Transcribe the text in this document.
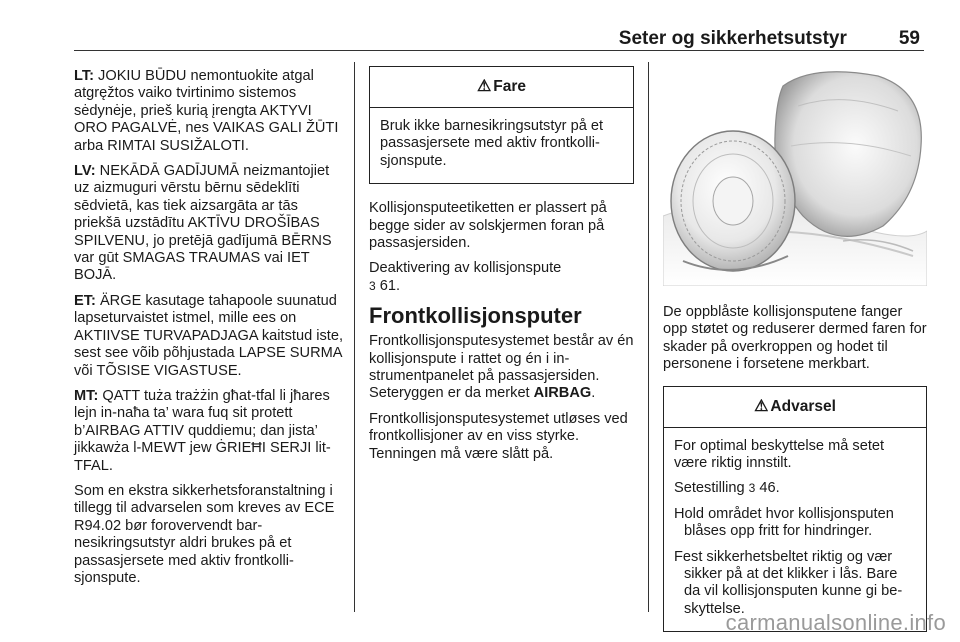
Seter og sikkerhetsutstyr	59

LT: JOKIU BŪDU nemontuokite atgal atgręžtos vaiko tvirtinimo sistemos sėdynėje, prieš kurią įrengta AKTYVI ORO PAGALVĖ, nes VAIKAS GALI ŽŪTI arba RIMTAI SUSIŽALOTI.

LV: NEKĀDĀ GADĪJUMĀ neizmantojiet uz aizmuguri vērstu bērnu sēdeklīti sēdvietā, kas tiek aizsargāta ar tās priekšā uzstādītu AKTĪVU DROŠĪBAS SPILVENU, jo pretējā gadījumā BĒRNS var gūt SMAGAS TRAUMAS vai IET BOJĀ.

ET: ÄRGE kasutage tahapoole suunatud lapseturvaistet istmel, mille ees on AKTIIVSE TURVAPADJAGA kaitstud iste, sest see võib põhjustada LAPSE SURMA või TÕSISE VIGASTUSE.

MT: QATT tuża trażżin għat-tfal li jħares lejn in-naħa ta’ wara fuq sit protett b’AIRBAG ATTIV quddiemu; dan jista’ jikkawża l-MEWT jew ĠRIEĦI SERJI lit-TFAL.

Som en ekstra sikkerhetsforanstaltning i tillegg til advarselen som kreves av ECE R94.02 bør forovervendt barnesikringsutstyr aldri brukes på et passasjersete med aktiv frontkollisjonspute.

⚠ Fare

Bruk ikke barnesikringsutstyr på et passasjersete med aktiv frontkollisjonspute.

Kollisjonsputeetiketten er plassert på begge sider av solskjermen foran på passasjersiden.

Deaktivering av kollisjonspute
3 61.

Frontkollisjonsputer

Frontkollisjonsputesystemet består av én kollisjonspute i rattet og én i instrumentpanelet på passasjersiden. Seteryggen er da merket AIRBAG.

Frontkollisjonsputesystemet utløses ved frontkollisjoner av en viss styrke. Tenningen må være slått på.

De oppblåste kollisjonsputene fanger opp støtet og reduserer dermed faren for skader på overkroppen og hodet til personene i forsetene merkbart.

⚠ Advarsel

For optimal beskyttelse må setet være riktig innstilt.

Setestilling 3 46.

Hold området hvor kollisjonsputen blåses opp fritt for hindringer.

Fest sikkerhetsbeltet riktig og vær sikker på at det klikker i lås. Bare da vil kollisjonsputen kunne gi beskyttelse.

carmanualsonline.info
